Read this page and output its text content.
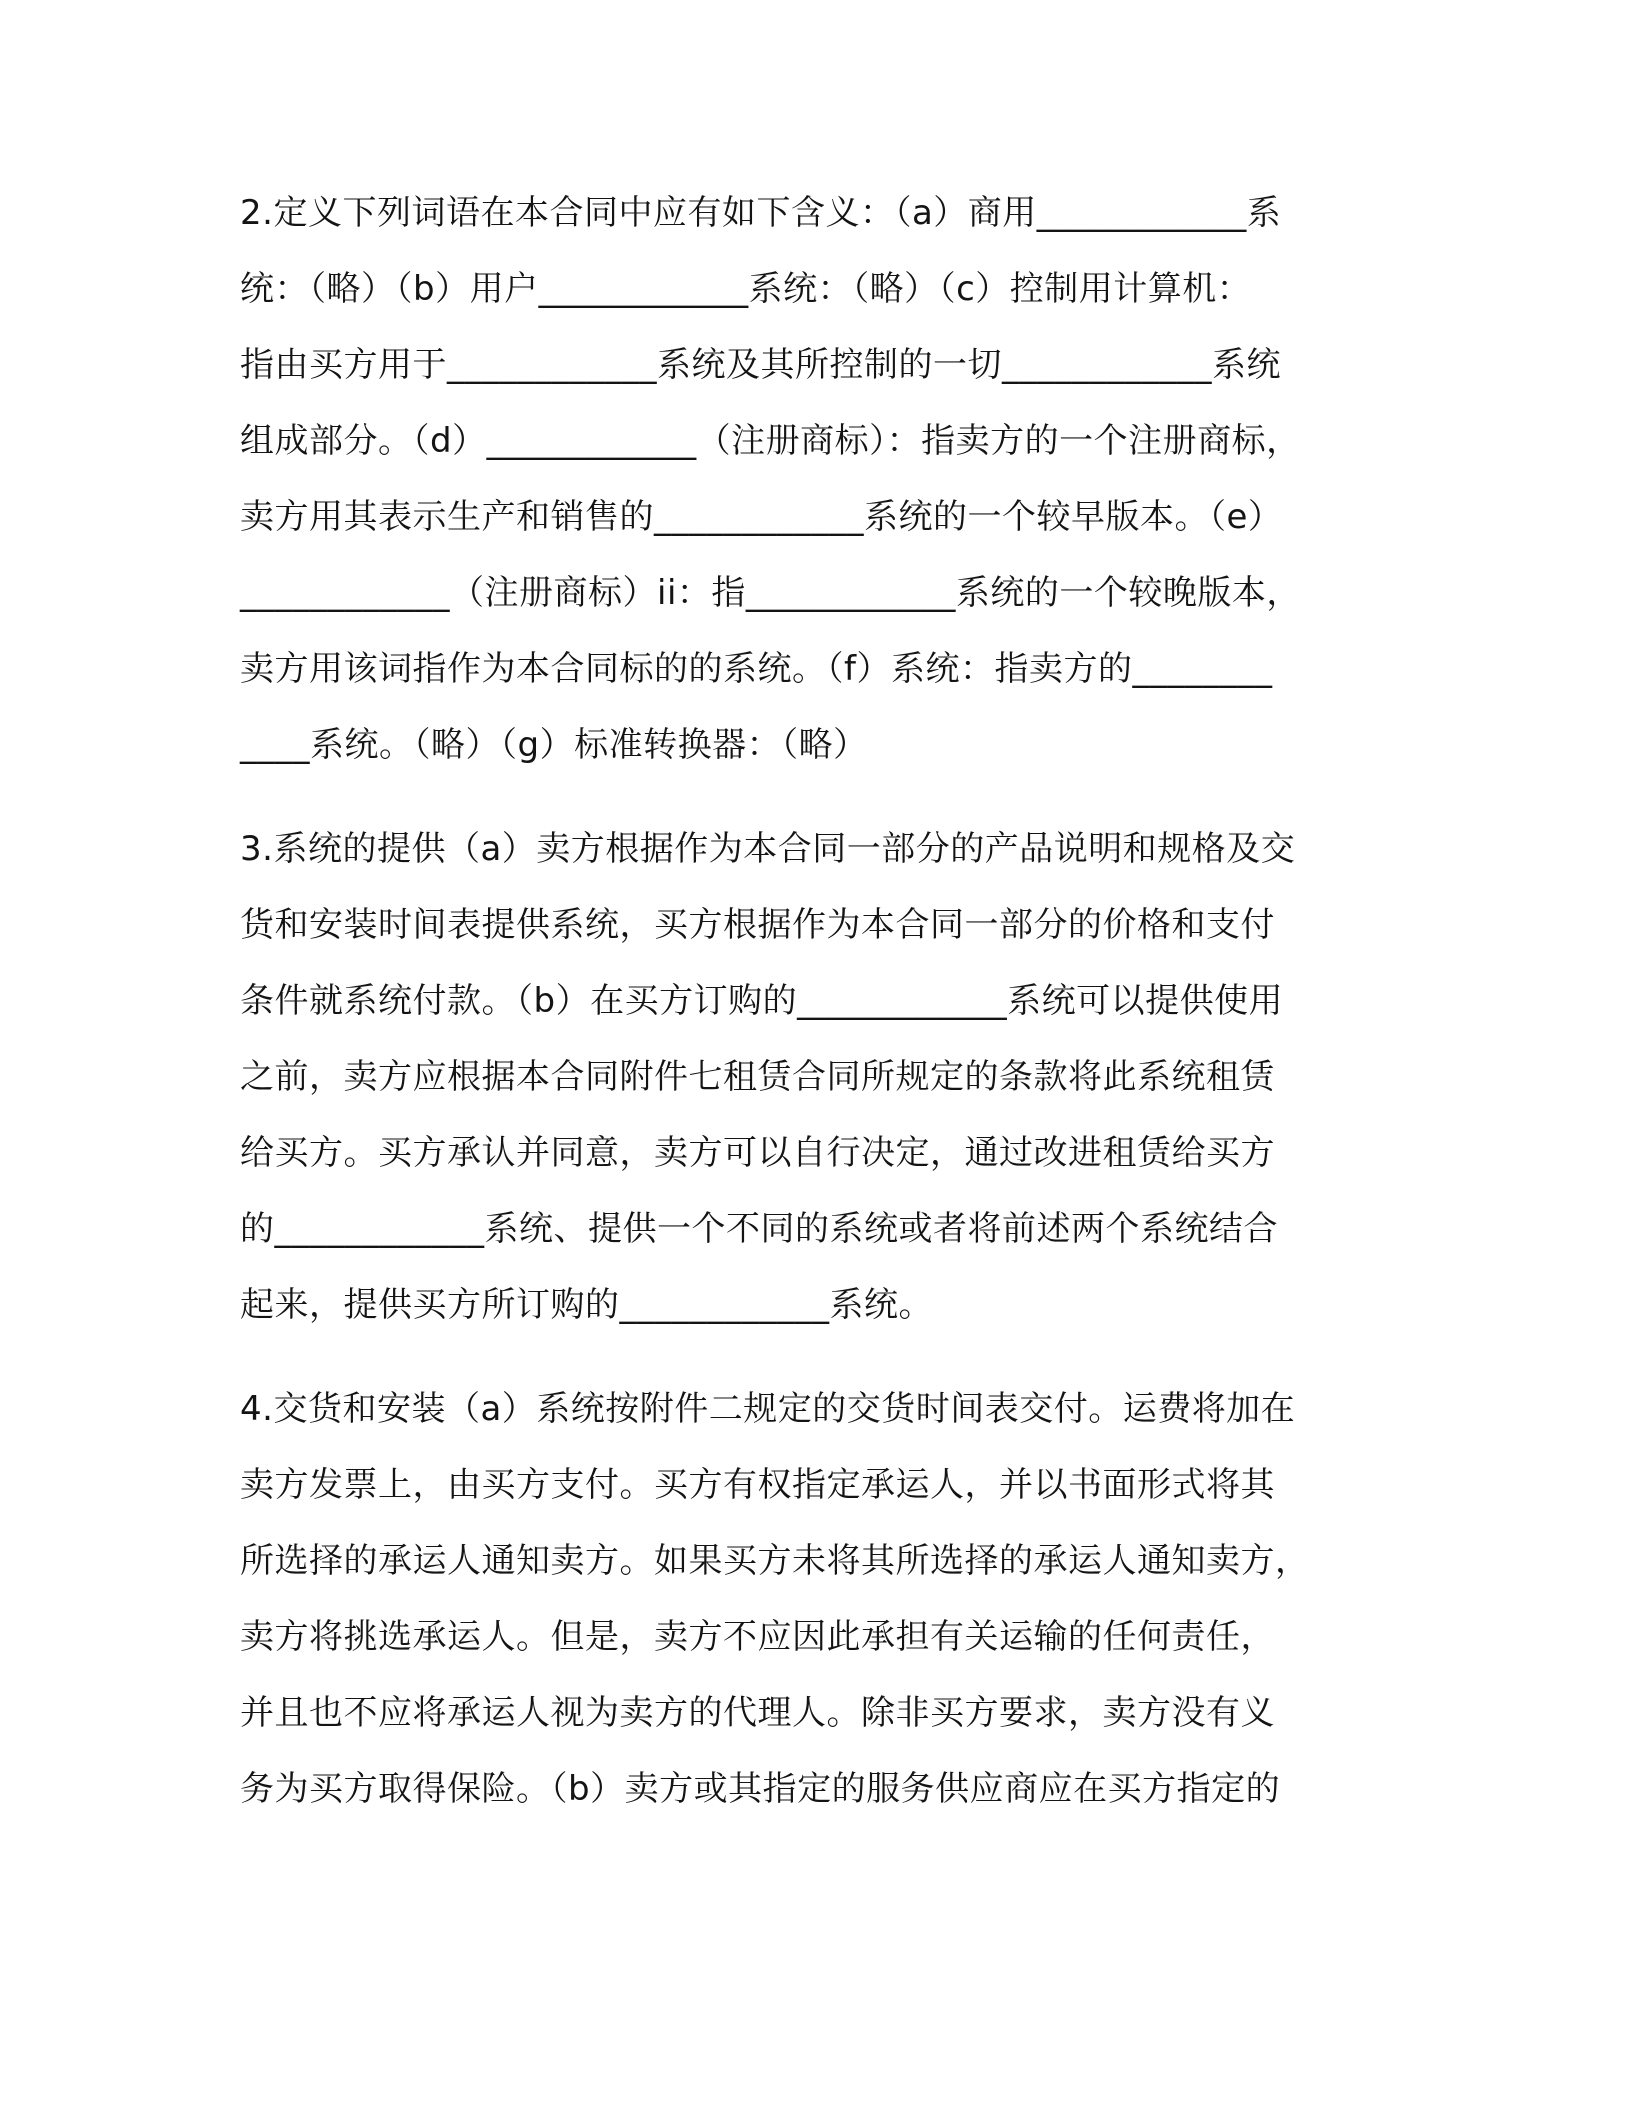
2.定义下列词语在本合同中应有如下含义：（a）商用____________系
统：（略）（b）用户____________系统：（略）（c）控制用计算机：
指由买方用于____________系统及其所控制的一切____________系统
组成部分。（d）____________（注册商标）：指卖方的一个注册商标，
卖方用其表示生产和销售的____________系统的一个较早版本。（e）
____________（注册商标）ii：指____________系统的一个较晚版本，
卖方用该词指作为本合同标的的系统。（f）系统：指卖方的________
____系统。（略）（g）标准转换器：（略）
3.系统的提供（a）卖方根据作为本合同一部分的产品说明和规格及交
货和安装时间表提供系统，买方根据作为本合同一部分的价格和支付
条件就系统付款。（b）在买方订购的____________系统可以提供使用
之前，卖方应根据本合同附件七租赁合同所规定的条款将此系统租赁
给买方。买方承认并同意，卖方可以自行决定，通过改进租赁给买方
的____________系统、提供一个不同的系统或者将前述两个系统结合
起来，提供买方所订购的____________系统。
4.交货和安装（a）系统按附件二规定的交货时间表交付。运费将加在
卖方发票上，由买方支付。买方有权指定承运人，并以书面形式将其
所选择的承运人通知卖方。如果买方未将其所选择的承运人通知卖方，
卖方将挑选承运人。但是，卖方不应因此承担有关运输的任何责任，
并且也不应将承运人视为卖方的代理人。除非买方要求，卖方没有义
务为买方取得保险。（b）卖方或其指定的服务供应商应在买方指定的
